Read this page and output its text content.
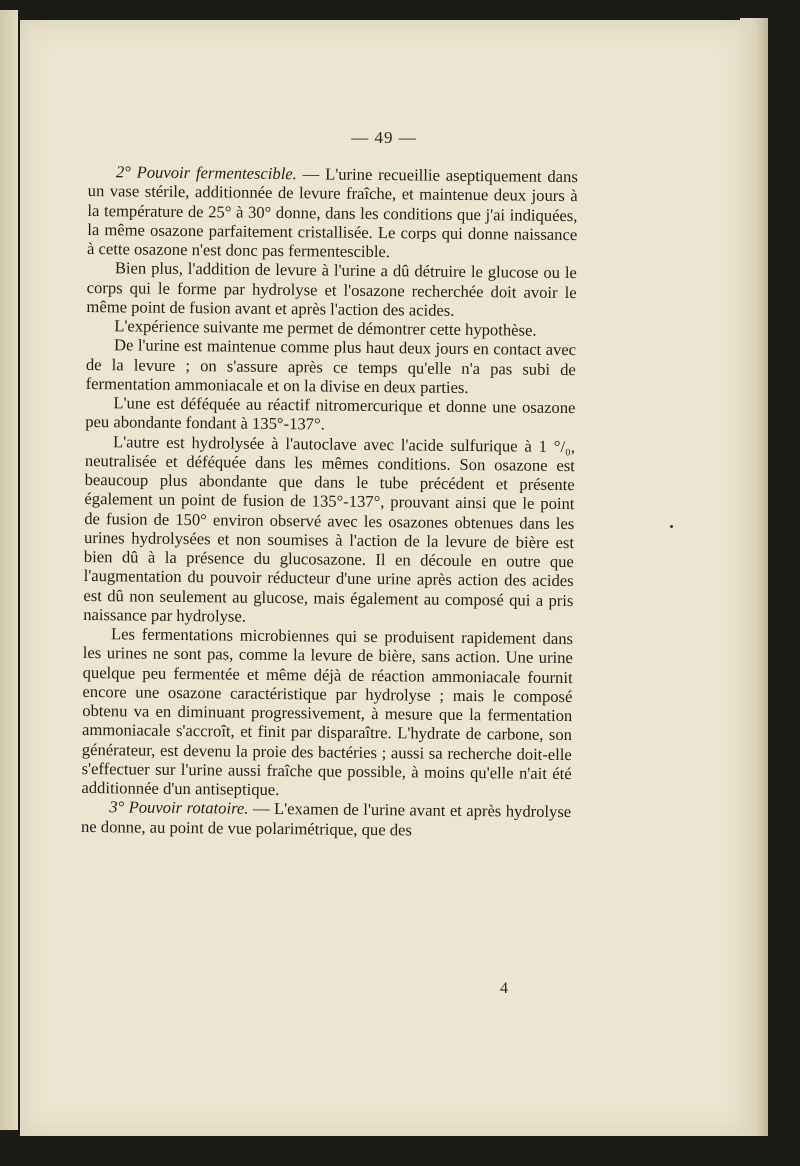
— 49 —

2° Pouvoir fermentescible. — L'urine recueillie aseptiquement dans un vase stérile, additionnée de levure fraîche, et maintenue deux jours à la température de 25° à 30° donne, dans les conditions que j'ai indiquées, la même osazone parfaitement cristallisée. Le corps qui donne naissance à cette osazone n'est donc pas fermentescible.

Bien plus, l'addition de levure à l'urine a dû détruire le glucose ou le corps qui le forme par hydrolyse et l'osazone recherchée doit avoir le même point de fusion avant et après l'action des acides.

L'expérience suivante me permet de démontrer cette hypothèse.

De l'urine est maintenue comme plus haut deux jours en contact avec de la levure ; on s'assure après ce temps qu'elle n'a pas subi de fermentation ammoniacale et on la divise en deux parties.

L'une est déféquée au réactif nitromercurique et donne une osazone peu abondante fondant à 135°-137°.

L'autre est hydrolysée à l'autoclave avec l'acide sulfurique à 1 °/₀, neutralisée et déféquée dans les mêmes conditions. Son osazone est beaucoup plus abondante que dans le tube précédent et présente également un point de fusion de 135°-137°, prouvant ainsi que le point de fusion de 150° environ observé avec les osazones obtenues dans les urines hydrolysées et non soumises à l'action de la levure de bière est bien dû à la présence du glucosazone. Il en découle en outre que l'augmentation du pouvoir réducteur d'une urine après action des acides est dû non seulement au glucose, mais également au composé qui a pris naissance par hydrolyse.

Les fermentations microbiennes qui se produisent rapidement dans les urines ne sont pas, comme la levure de bière, sans action. Une urine quelque peu fermentée et même déjà de réaction ammoniacale fournit encore une osazone caractéristique par hydrolyse ; mais le composé obtenu va en diminuant progressivement, à mesure que la fermentation ammoniacale s'accroît, et finit par disparaître. L'hydrate de carbone, son générateur, est devenu la proie des bactéries ; aussi sa recherche doit-elle s'effectuer sur l'urine aussi fraîche que possible, à moins qu'elle n'ait été additionnée d'un antiseptique.

3° Pouvoir rotatoire. — L'examen de l'urine avant et après hydrolyse ne donne, au point de vue polarimétrique, que des

4
